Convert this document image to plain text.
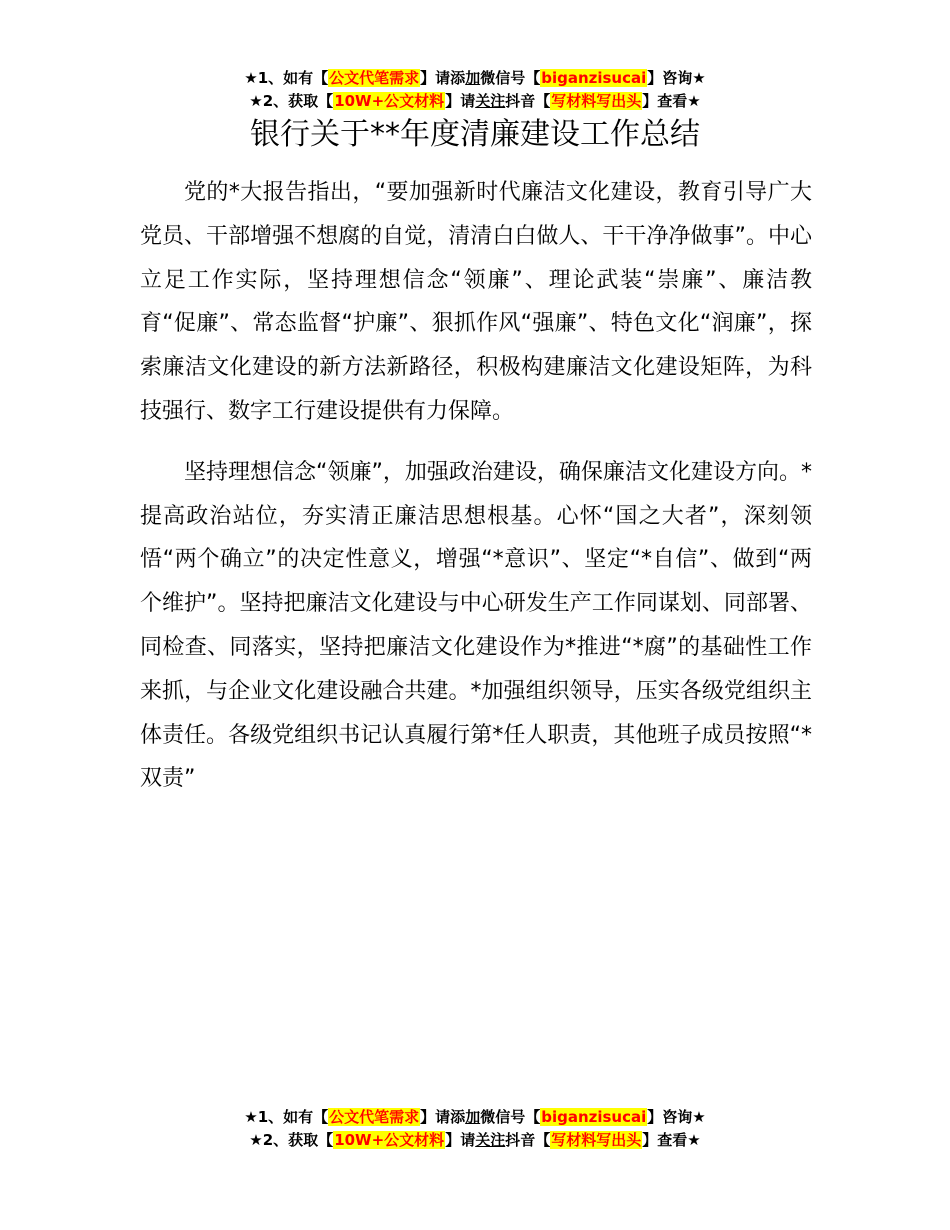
★1、如有【公文代笔需求】请添加微信号【biganzisucai】咨询★
★2、获取【10W+公文材料】请关注抖音【写材料写出头】查看★
银行关于**年度清廉建设工作总结

党的*大报告指出，“要加强新时代廉洁文化建设，教育引导广大党员、干部增强不想腐的自觉，清清白白做人、干干净净做事”。中心立足工作实际，坚持理想信念“领廉”、理论武装“崇廉”、廉洁教育“促廉”、常态监督“护廉”、狠抓作风“强廉”、特色文化“润廉”，探索廉洁文化建设的新方法新路径，积极构建廉洁文化建设矩阵，为科技强行、数字工行建设提供有力保障。

坚持理想信念“领廉”，加强政治建设，确保廉洁文化建设方向。*提高政治站位，夯实清正廉洁思想根基。心怀“国之大者”，深刻领悟“两个确立”的决定性意义，增强“*意识”、坚定“*自信”、做到“两个维护”。坚持把廉洁文化建设与中心研发生产工作同谋划、同部署、同检查、同落实，坚持把廉洁文化建设作为*推进“*腐”的基础性工作来抓，与企业文化建设融合共建。*加强组织领导，压实各级党组织主体责任。各级党组织书记认真履行第*任人职责，其他班子成员按照“*双责”

★1、如有【公文代笔需求】请添加微信号【biganzisucai】咨询★
★2、获取【10W+公文材料】请关注抖音【写材料写出头】查看★
